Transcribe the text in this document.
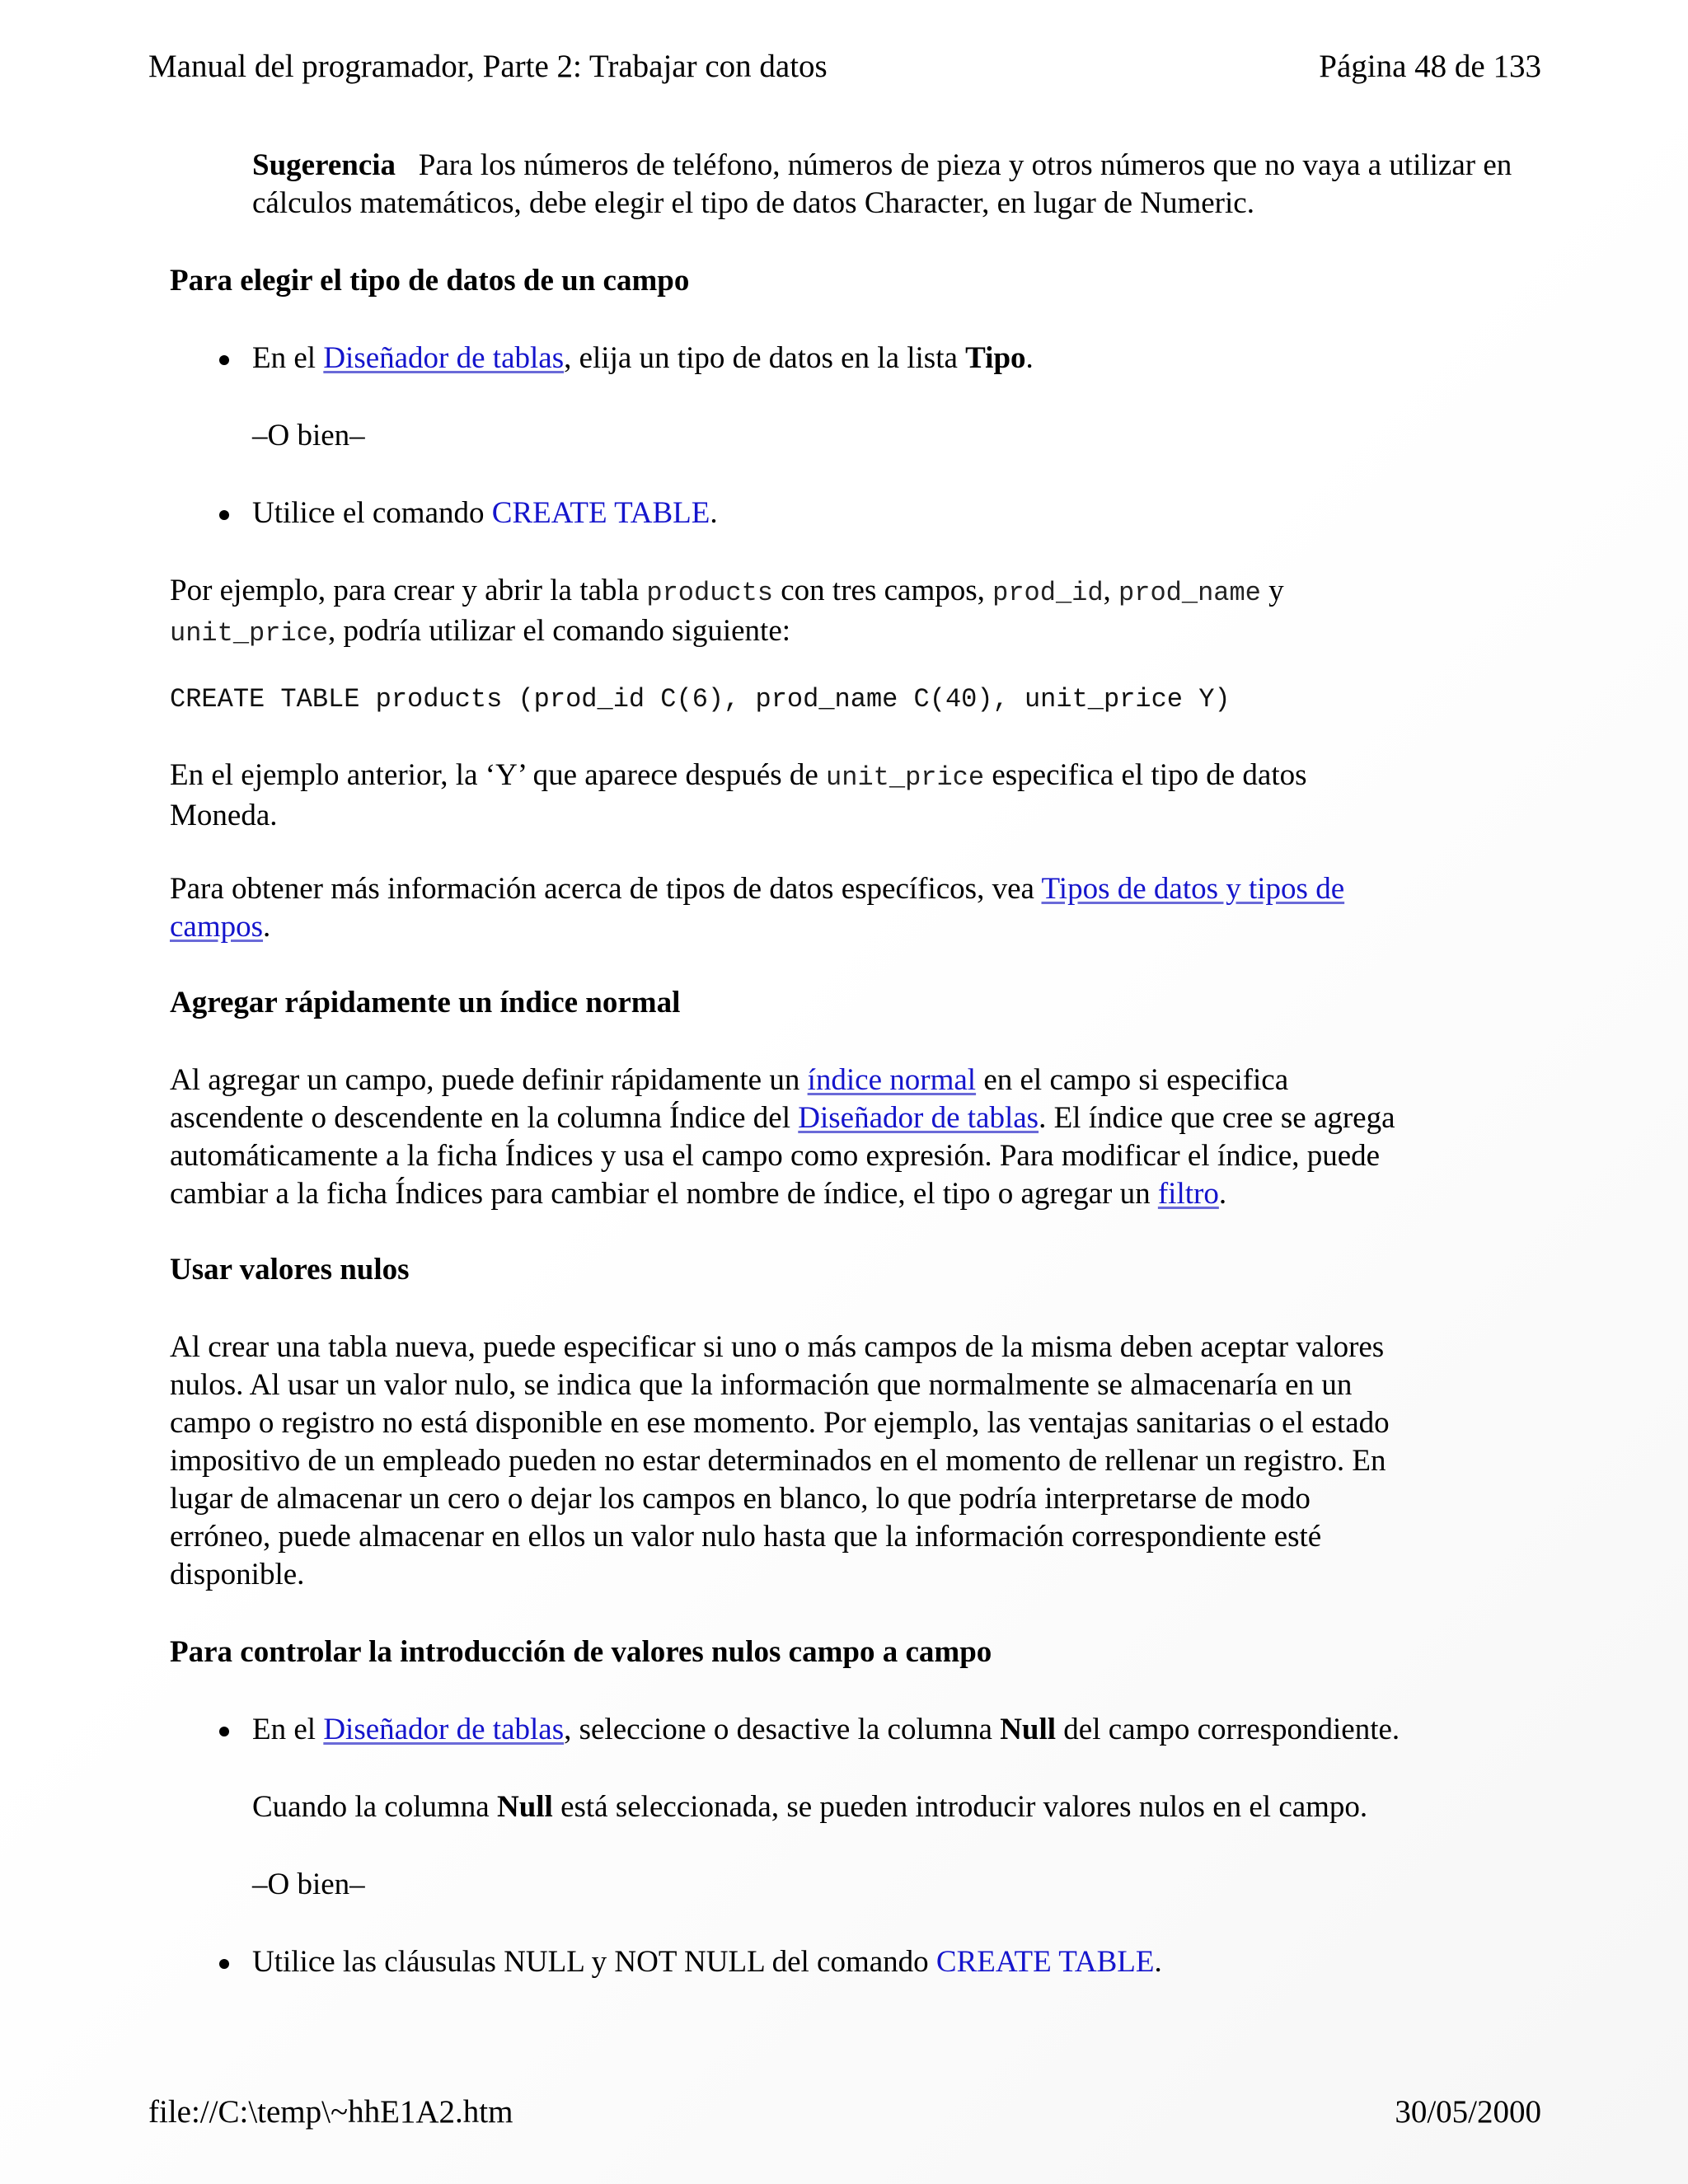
Manual del programador, Parte 2: Trabajar con datos	Página 48 de 133
Sugerencia Para los números de teléfono, números de pieza y otros números que no vaya a utilizar en cálculos matemáticos, debe elegir el tipo de datos Character, en lugar de Numeric.
Para elegir el tipo de datos de un campo
En el Diseñador de tablas, elija un tipo de datos en la lista Tipo.
–O bien–
Utilice el comando CREATE TABLE.
Por ejemplo, para crear y abrir la tabla products con tres campos, prod_id, prod_name y
unit_price, podría utilizar el comando siguiente:
CREATE TABLE products (prod_id C(6), prod_name C(40), unit_price Y)
En el ejemplo anterior, la ‘Y’ que aparece después de unit_price especifica el tipo de datos
Moneda.
Para obtener más información acerca de tipos de datos específicos, vea Tipos de datos y tipos de
campos.
Agregar rápidamente un índice normal
Al agregar un campo, puede definir rápidamente un índice normal en el campo si especifica
ascendente o descendente en la columna Índice del Diseñador de tablas. El índice que cree se agrega
automáticamente a la ficha Índices y usa el campo como expresión. Para modificar el índice, puede
cambiar a la ficha Índices para cambiar el nombre de índice, el tipo o agregar un filtro.
Usar valores nulos
Al crear una tabla nueva, puede especificar si uno o más campos de la misma deben aceptar valores
nulos. Al usar un valor nulo, se indica que la información que normalmente se almacenaría en un
campo o registro no está disponible en ese momento. Por ejemplo, las ventajas sanitarias o el estado
impositivo de un empleado pueden no estar determinados en el momento de rellenar un registro. En
lugar de almacenar un cero o dejar los campos en blanco, lo que podría interpretarse de modo
erróneo, puede almacenar en ellos un valor nulo hasta que la información correspondiente esté
disponible.
Para controlar la introducción de valores nulos campo a campo
En el Diseñador de tablas, seleccione o desactive la columna Null del campo correspondiente.
Cuando la columna Null está seleccionada, se pueden introducir valores nulos en el campo.
–O bien–
Utilice las cláusulas NULL y NOT NULL del comando CREATE TABLE.
file://C:\temp\~hhE1A2.htm	30/05/2000
